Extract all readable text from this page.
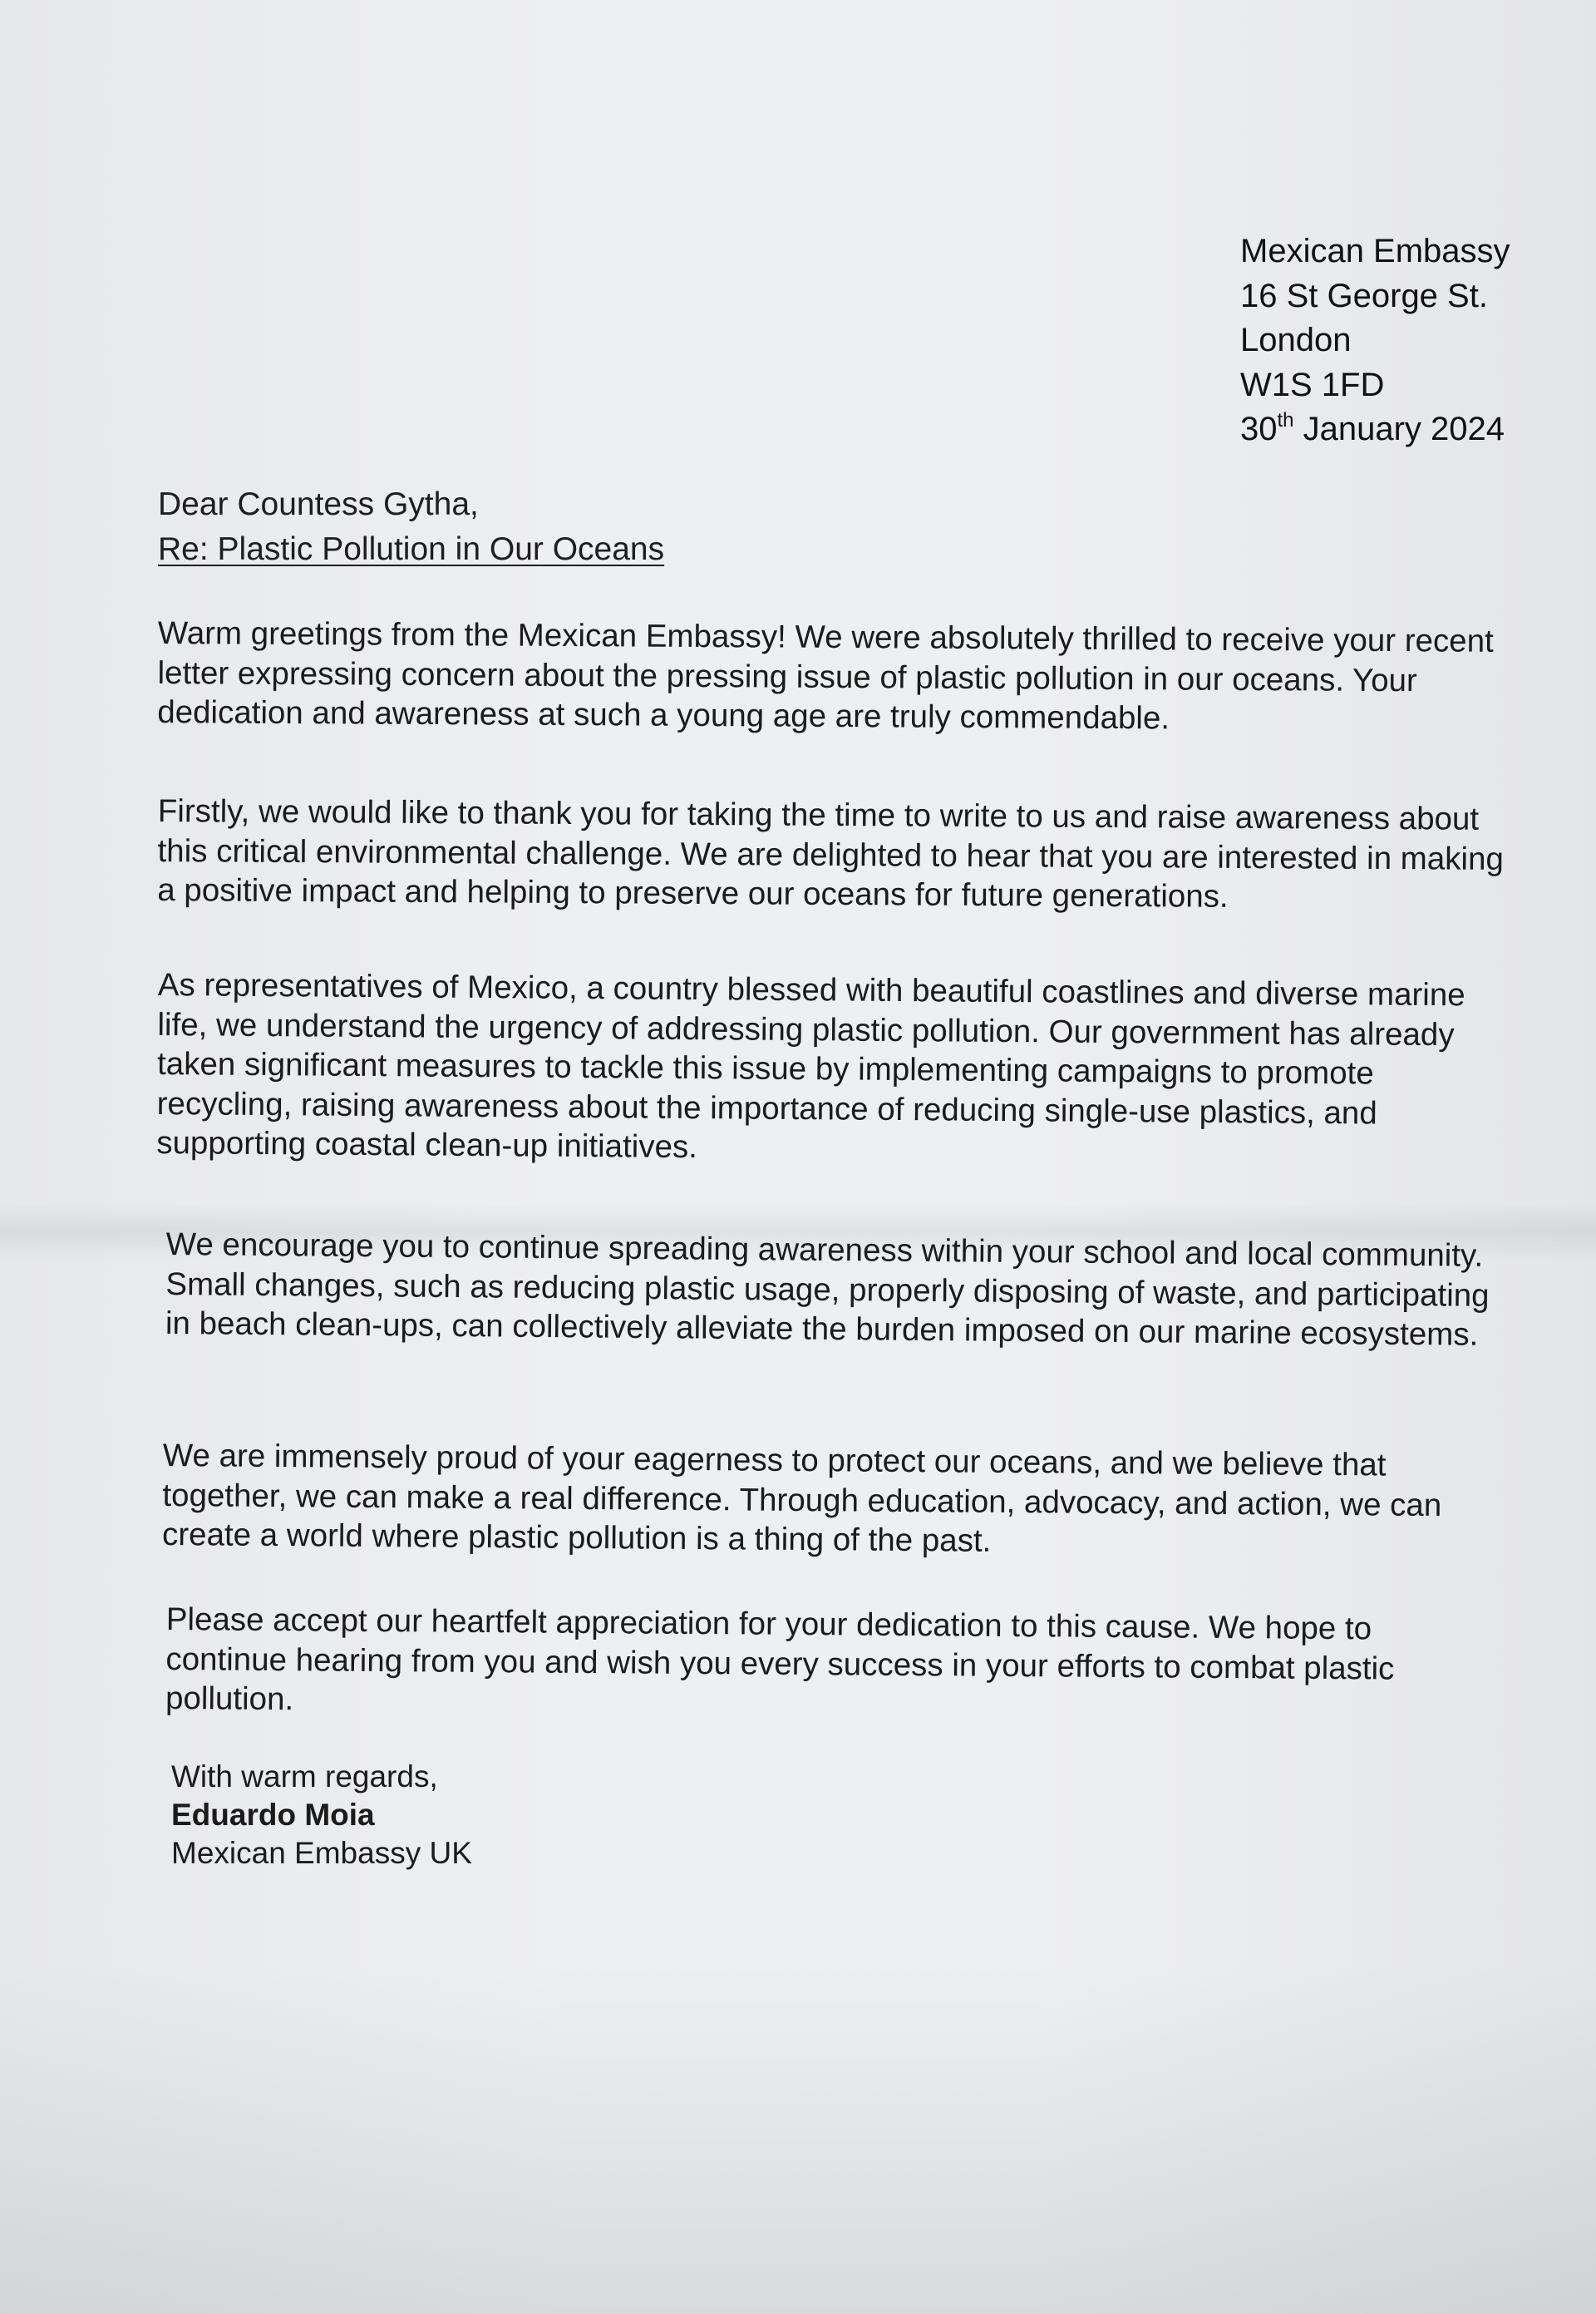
Mexican Embassy
16 St George St.
London
W1S 1FD
30th January 2024
Dear Countess Gytha,
Re: Plastic Pollution in Our Oceans
Warm greetings from the Mexican Embassy! We were absolutely thrilled to receive your recent letter expressing concern about the pressing issue of plastic pollution in our oceans. Your dedication and awareness at such a young age are truly commendable.
Firstly, we would like to thank you for taking the time to write to us and raise awareness about this critical environmental challenge. We are delighted to hear that you are interested in making a positive impact and helping to preserve our oceans for future generations.
As representatives of Mexico, a country blessed with beautiful coastlines and diverse marine life, we understand the urgency of addressing plastic pollution. Our government has already taken significant measures to tackle this issue by implementing campaigns to promote recycling, raising awareness about the importance of reducing single-use plastics, and supporting coastal clean-up initiatives.
We encourage you to continue spreading awareness within your school and local community. Small changes, such as reducing plastic usage, properly disposing of waste, and participating in beach clean-ups, can collectively alleviate the burden imposed on our marine ecosystems.
We are immensely proud of your eagerness to protect our oceans, and we believe that together, we can make a real difference. Through education, advocacy, and action, we can create a world where plastic pollution is a thing of the past.
Please accept our heartfelt appreciation for your dedication to this cause. We hope to continue hearing from you and wish you every success in your efforts to combat plastic pollution.
With warm regards,
Eduardo Moia
Mexican Embassy UK
